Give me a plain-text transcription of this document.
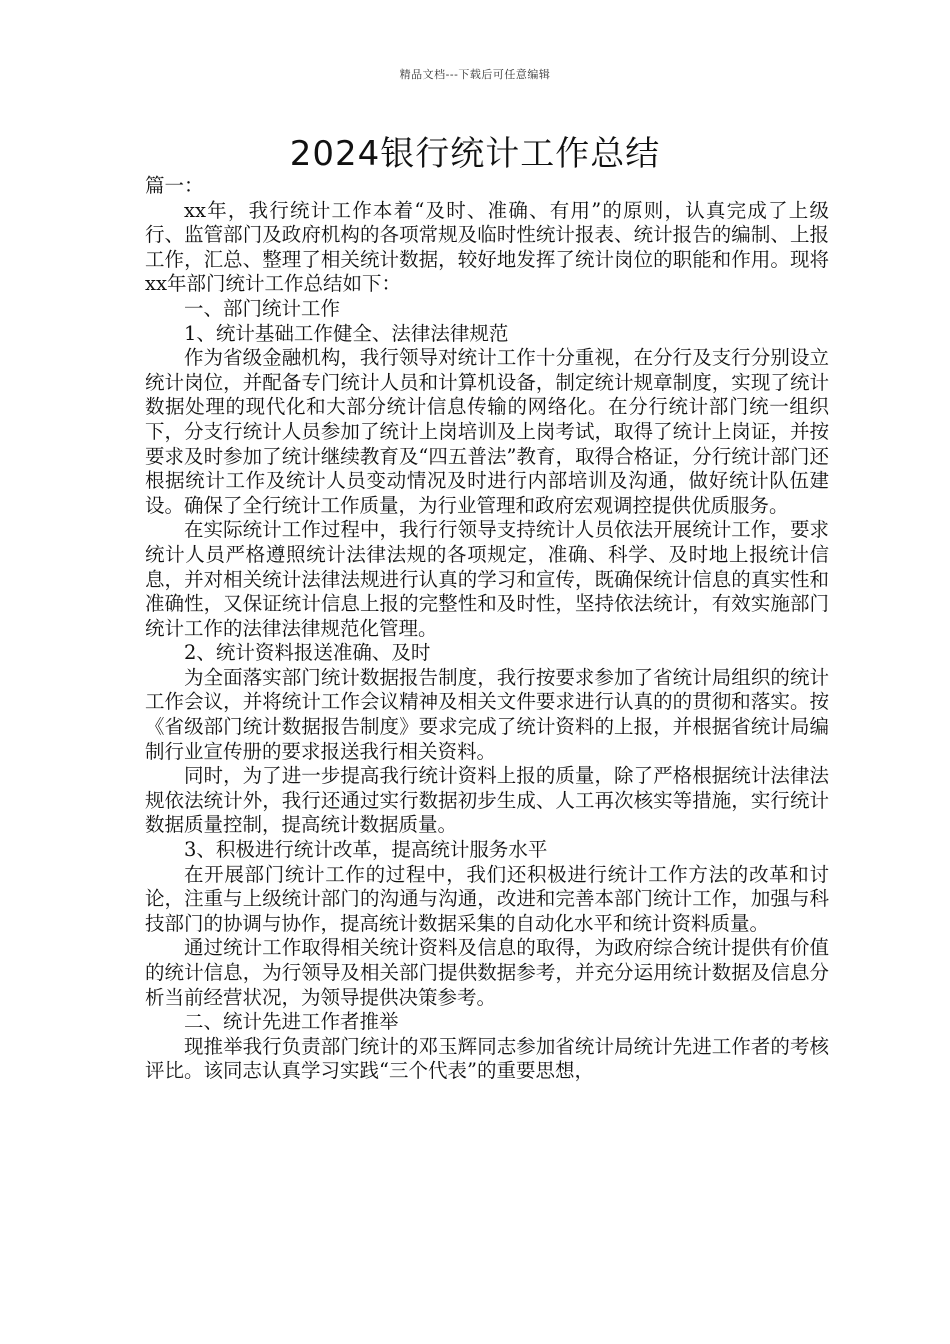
精品文档---下载后可任意编辑
2024银行统计工作总结

篇一：

xx年，我行统计工作本着“及时、准确、有用”的原则，认真完成了上级行、监管部门及政府机构的各项常规及临时性统计报表、统计报告的编制、上报工作，汇总、整理了相关统计数据，较好地发挥了统计岗位的职能和作用。现将xx年部门统计工作总结如下：

一、部门统计工作

1、统计基础工作健全、法律法律规范

作为省级金融机构，我行领导对统计工作十分重视，在分行及支行分别设立统计岗位，并配备专门统计人员和计算机设备，制定统计规章制度，实现了统计数据处理的现代化和大部分统计信息传输的网络化。在分行统计部门统一组织下，分支行统计人员参加了统计上岗培训及上岗考试，取得了统计上岗证，并按要求及时参加了统计继续教育及“四五普法”教育，取得合格证，分行统计部门还根据统计工作及统计人员变动情况及时进行内部培训及沟通，做好统计队伍建设。确保了全行统计工作质量，为行业管理和政府宏观调控提供优质服务。

在实际统计工作过程中，我行行领导支持统计人员依法开展统计工作，要求统计人员严格遵照统计法律法规的各项规定，准确、科学、及时地上报统计信息，并对相关统计法律法规进行认真的学习和宣传，既确保统计信息的真实性和准确性，又保证统计信息上报的完整性和及时性，坚持依法统计，有效实施部门统计工作的法律法律规范化管理。

2、统计资料报送准确、及时

为全面落实部门统计数据报告制度，我行按要求参加了省统计局组织的统计工作会议，并将统计工作会议精神及相关文件要求进行认真的的贯彻和落实。按《省级部门统计数据报告制度》要求完成了统计资料的上报，并根据省统计局编制行业宣传册的要求报送我行相关资料。

同时，为了进一步提高我行统计资料上报的质量，除了严格根据统计法律法规依法统计外，我行还通过实行数据初步生成、人工再次核实等措施，实行统计数据质量控制，提高统计数据质量。

3、积极进行统计改革，提高统计服务水平

在开展部门统计工作的过程中，我们还积极进行统计工作方法的改革和讨论，注重与上级统计部门的沟通与沟通，改进和完善本部门统计工作，加强与科技部门的协调与协作，提高统计数据采集的自动化水平和统计资料质量。

通过统计工作取得相关统计资料及信息的取得，为政府综合统计提供有价值的统计信息，为行领导及相关部门提供数据参考，并充分运用统计数据及信息分析当前经营状况，为领导提供决策参考。

二、统计先进工作者推举

现推举我行负责部门统计的邓玉辉同志参加省统计局统计先进工作者的考核评比。该同志认真学习实践“三个代表”的重要思想，
